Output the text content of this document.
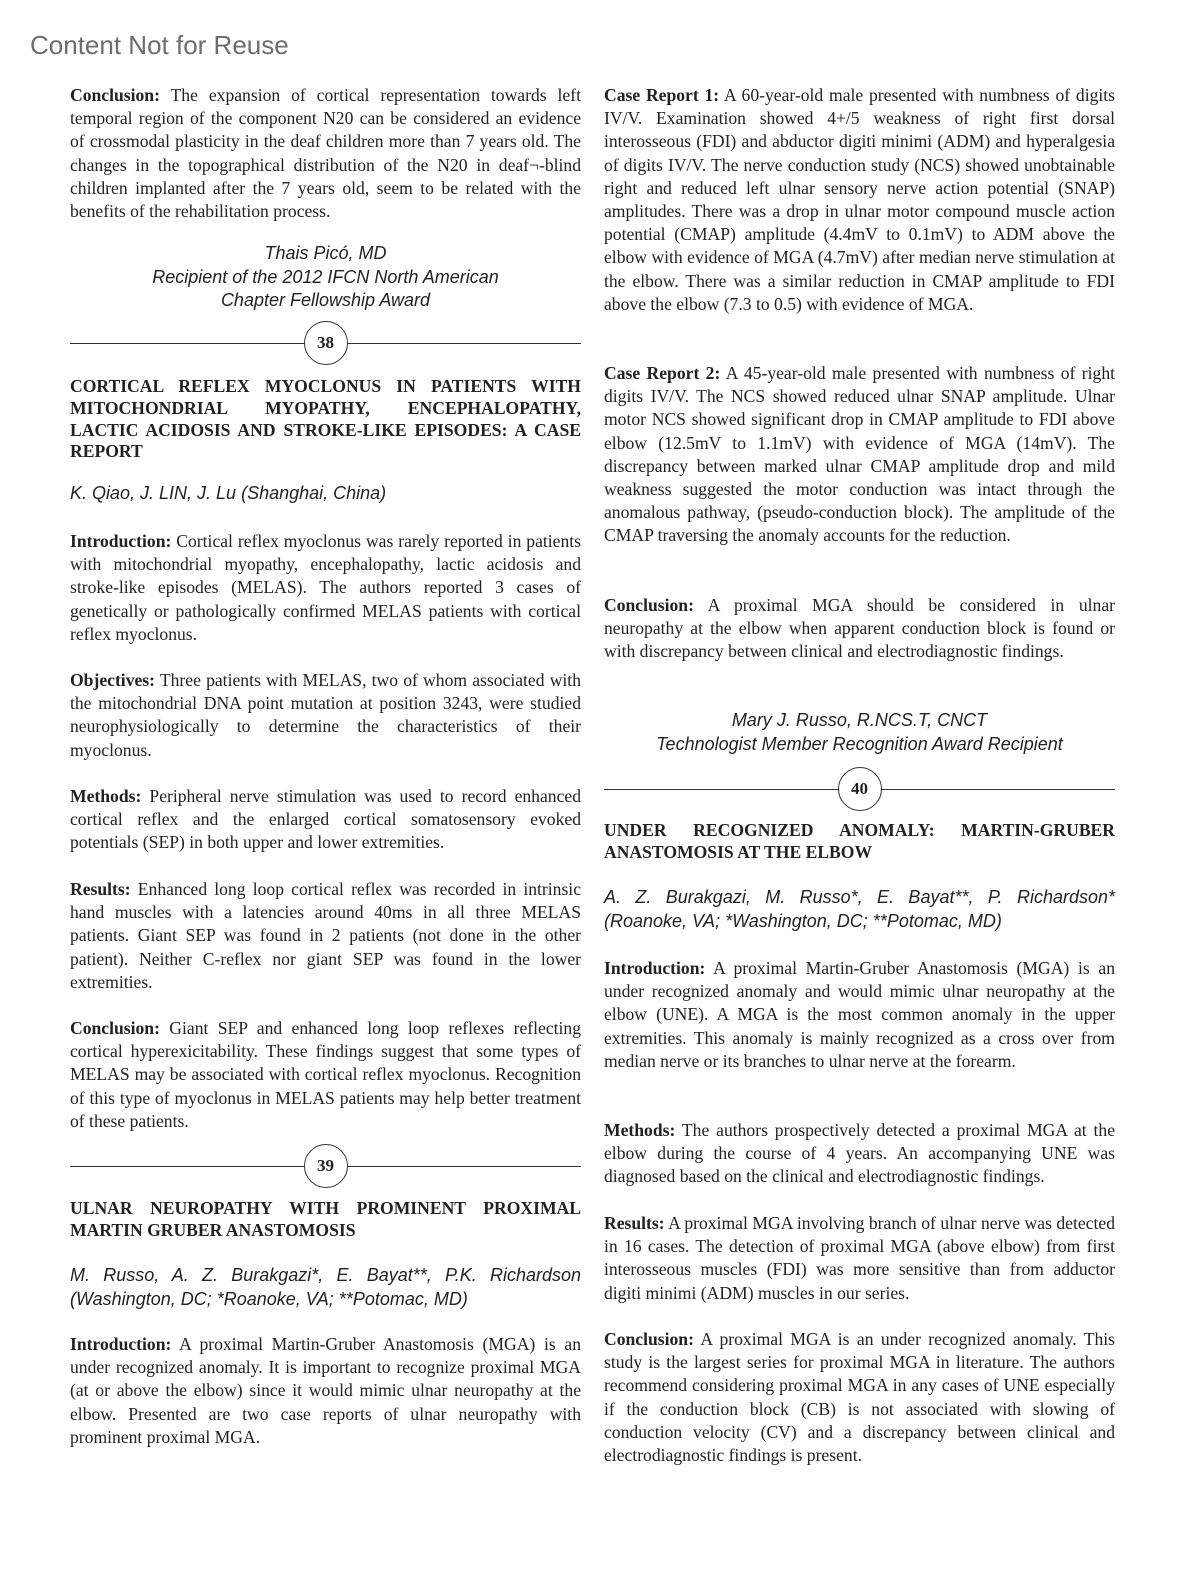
Content Not for Reuse

Conclusion: The expansion of cortical representation towards left temporal region of the component N20 can be considered an evidence of crossmodal plasticity in the deaf children more than 7 years old. The changes in the topographical distribution of the N20 in deaf¬-blind children implanted after the 7 years old, seem to be related with the benefits of the rehabilitation process.

Thais Picó, MD
Recipient of the 2012 IFCN North American
Chapter Fellowship Award
38
CORTICAL REFLEX MYOCLONUS IN PATIENTS WITH MITOCHONDRIAL MYOPATHY, ENCEPHALOPATHY, LACTIC ACIDOSIS AND STROKE-LIKE EPISODES: A CASE REPORT
K. Qiao, J. LIN, J. Lu (Shanghai, China)

Introduction: Cortical reflex myoclonus was rarely reported in patients with mitochondrial myopathy, encephalopathy, lactic acidosis and stroke-like episodes (MELAS). The authors reported 3 cases of genetically or pathologically confirmed MELAS patients with cortical reflex myoclonus.

Objectives: Three patients with MELAS, two of whom associated with the mitochondrial DNA point mutation at position 3243, were studied neurophysiologically to determine the characteristics of their myoclonus.

Methods: Peripheral nerve stimulation was used to record enhanced cortical reflex and the enlarged cortical somatosensory evoked potentials (SEP) in both upper and lower extremities.

Results: Enhanced long loop cortical reflex was recorded in intrinsic hand muscles with a latencies around 40ms in all three MELAS patients. Giant SEP was found in 2 patients (not done in the other patient). Neither C-reflex nor giant SEP was found in the lower extremities.

Conclusion: Giant SEP and enhanced long loop reflexes reflecting cortical hyperexicitability. These findings suggest that some types of MELAS may be associated with cortical reflex myoclonus. Recognition of this type of myoclonus in MELAS patients may help better treatment of these patients.

39
ULNAR NEUROPATHY WITH PROMINENT PROXIMAL MARTIN GRUBER ANASTOMOSIS
M. Russo, A. Z. Burakgazi*, E. Bayat**, P.K. Richardson (Washington, DC; *Roanoke, VA; **Potomac, MD)

Introduction: A proximal Martin-Gruber Anastomosis (MGA) is an under recognized anomaly. It is important to recognize proximal MGA (at or above the elbow) since it would mimic ulnar neuropathy at the elbow. Presented are two case reports of ulnar neuropathy with prominent proximal MGA.

Case Report 1: A 60-year-old male presented with numbness of digits IV/V. Examination showed 4+/5 weakness of right first dorsal interosseous (FDI) and abductor digiti minimi (ADM) and hyperalgesia of digits IV/V. The nerve conduction study (NCS) showed unobtainable right and reduced left ulnar sensory nerve action potential (SNAP) amplitudes. There was a drop in ulnar motor compound muscle action potential (CMAP) amplitude (4.4mV to 0.1mV) to ADM above the elbow with evidence of MGA (4.7mV) after median nerve stimulation at the elbow. There was a similar reduction in CMAP amplitude to FDI above the elbow (7.3 to 0.5) with evidence of MGA.

Case Report 2: A 45-year-old male presented with numbness of right digits IV/V. The NCS showed reduced ulnar SNAP amplitude. Ulnar motor NCS showed significant drop in CMAP amplitude to FDI above elbow (12.5mV to 1.1mV) with evidence of MGA (14mV). The discrepancy between marked ulnar CMAP amplitude drop and mild weakness suggested the motor conduction was intact through the anomalous pathway, (pseudo-conduction block). The amplitude of the CMAP traversing the anomaly accounts for the reduction.

Conclusion: A proximal MGA should be considered in ulnar neuropathy at the elbow when apparent conduction block is found or with discrepancy between clinical and electrodiagnostic findings.

Mary J. Russo, R.NCS.T, CNCT
Technologist Member Recognition Award Recipient
40
UNDER RECOGNIZED ANOMALY: MARTIN-GRUBER ANASTOMOSIS AT THE ELBOW
A. Z. Burakgazi, M. Russo*, E. Bayat**, P. Richardson* (Roanoke, VA; *Washington, DC; **Potomac, MD)

Introduction: A proximal Martin-Gruber Anastomosis (MGA) is an under recognized anomaly and would mimic ulnar neuropathy at the elbow (UNE). A MGA is the most common anomaly in the upper extremities. This anomaly is mainly recognized as a cross over from median nerve or its branches to ulnar nerve at the forearm.

Methods: The authors prospectively detected a proximal MGA at the elbow during the course of 4 years. An accompanying UNE was diagnosed based on the clinical and electrodiagnostic findings.

Results: A proximal MGA involving branch of ulnar nerve was detected in 16 cases. The detection of proximal MGA (above elbow) from first interosseous muscles (FDI) was more sensitive than from adductor digiti minimi (ADM) muscles in our series.

Conclusion: A proximal MGA is an under recognized anomaly. This study is the largest series for proximal MGA in literature. The authors recommend considering proximal MGA in any cases of UNE especially if the conduction block (CB) is not associated with slowing of conduction velocity (CV) and a discrepancy between clinical and electrodiagnostic findings is present.
